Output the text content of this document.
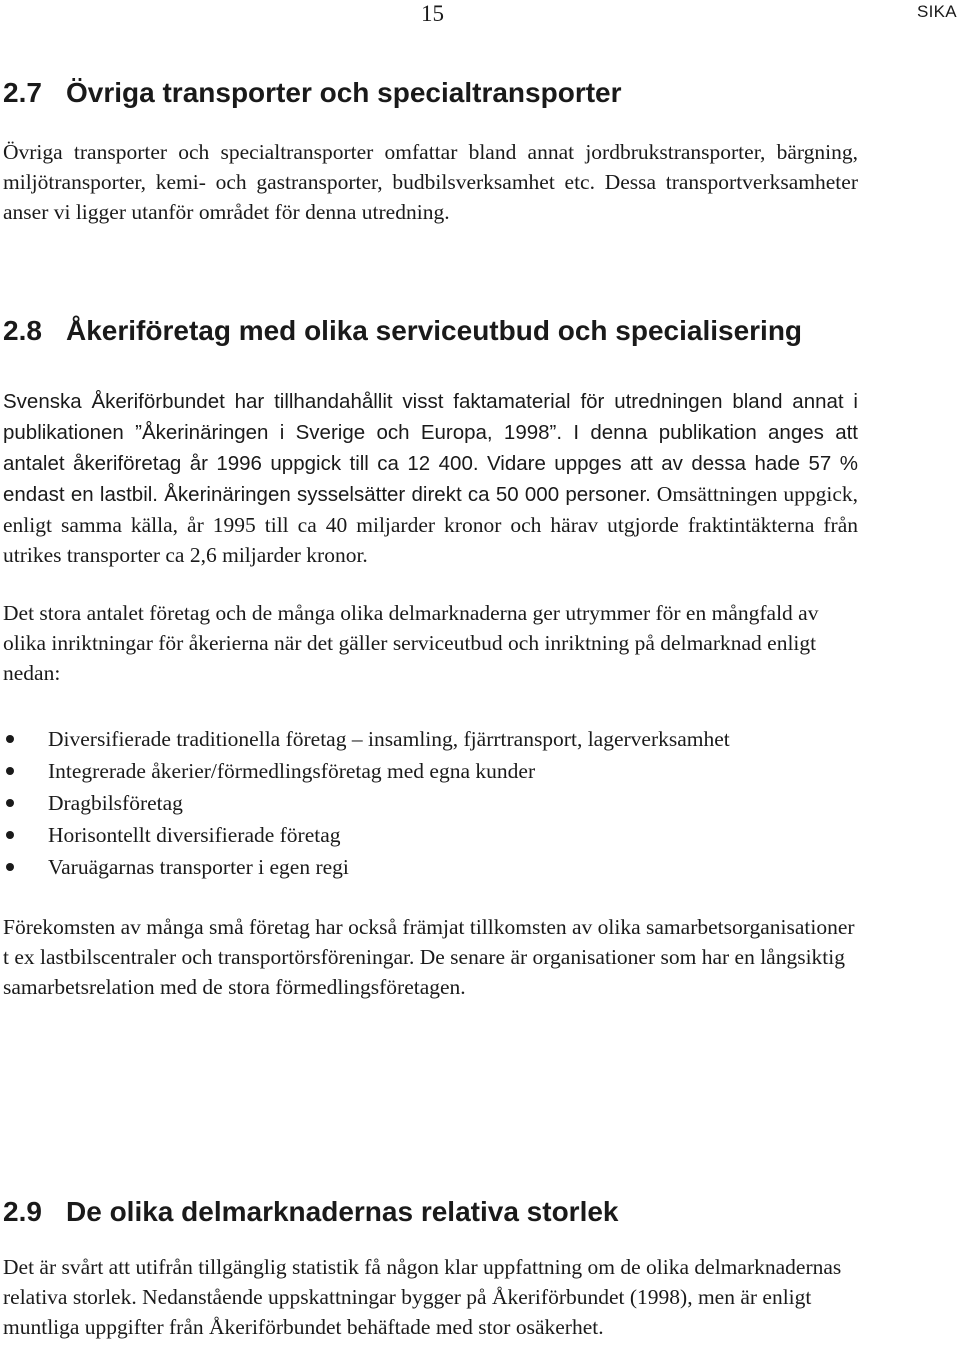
15	SIKA
2.7 Övriga transporter och specialtransporter

Övriga transporter och specialtransporter omfattar bland annat jordbrukstransporter, bärgning, miljötransporter, kemi- och gastransporter, budbilsverksamhet etc. Dessa transportverksamheter anser vi ligger utanför området för denna utredning.

2.8 Åkeriföretag med olika serviceutbud och specialisering

Svenska Åkeriförbundet har tillhandahållit visst faktamaterial för utredningen bland annat i publikationen ”Åkerinäringen i Sverige och Europa, 1998”. I denna publikation anges att antalet åkeriföretag år 1996 uppgick till ca 12 400. Vidare uppges att av dessa hade 57 % endast en lastbil. Åkerinäringen sysselsätter direkt ca 50 000 personer. Omsättningen uppgick, enligt samma källa, år 1995 till ca 40 miljarder kronor och härav utgjorde fraktintäkterna från utrikes transporter ca 2,6 miljarder kronor.

Det stora antalet företag och de många olika delmarknaderna ger utrymmer för en mångfald av olika inriktningar för åkerierna när det gäller serviceutbud och inriktning på delmarknad enligt nedan:

Diversifierade traditionella företag – insamling, fjärrtransport, lagerverksamhet
Integrerade åkerier/förmedlingsföretag med egna kunder
Dragbilsföretag
Horisontellt diversifierade företag
Varuägarnas transporter i egen regi

Förekomsten av många små företag har också främjat tillkomsten av olika samarbetsorganisationer t ex lastbilscentraler och transportörsföreningar. De senare är organisationer som har en långsiktig samarbetsrelation med de stora förmedlingsföretagen.

2.9 De olika delmarknadernas relativa storlek

Det är svårt att utifrån tillgänglig statistik få någon klar uppfattning om de olika delmarknadernas relativa storlek. Nedanstående uppskattningar bygger på Åkeriförbundet (1998), men är enligt muntliga uppgifter från Åkeriförbundet behäftade med stor osäkerhet.
